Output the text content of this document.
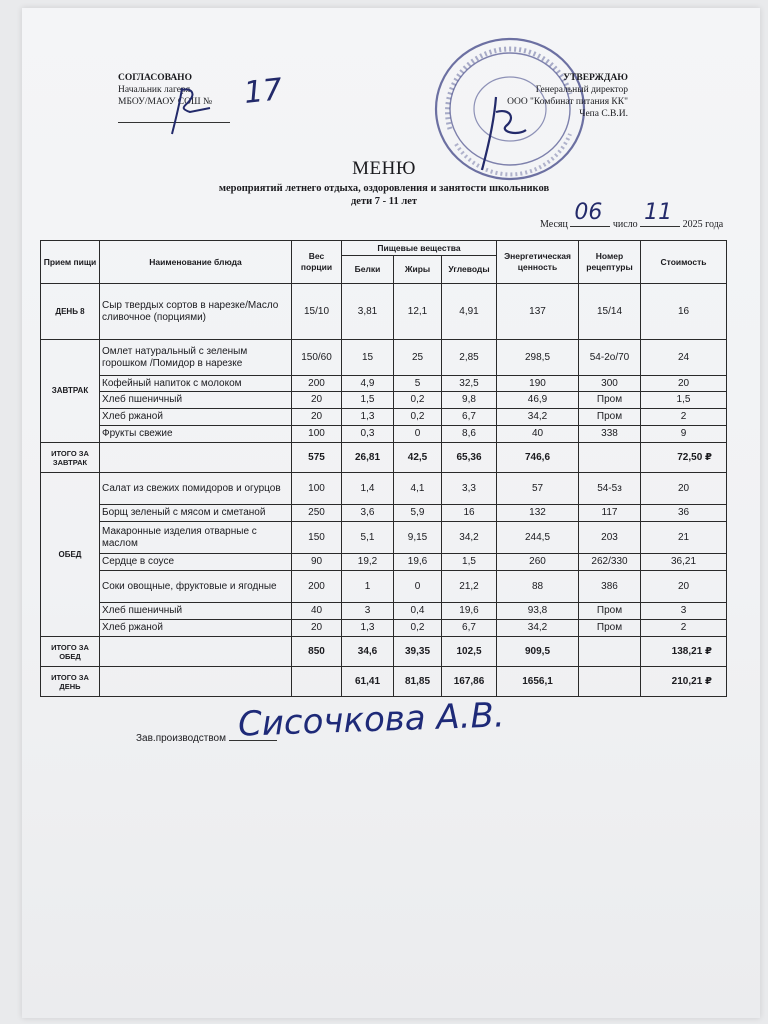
СОГЛАСОВАНО
Начальник лагеря
МБОУ/МАОУ СОШ №	17	УТВЕРЖДАЮ
Генеральный директор
ООО "Комбинат питания КК"
Чепа С.В.И.
МЕНЮ
мероприятий летнего отдыха, оздоровления и занятости школьников
дети 7 - 11 лет
Месяц 06 число 11 2025 года
Прием пищи	Наименование блюда	Вес порции	Пищевые вещества			Энергетическая ценность	Номер рецептуры	Стоимость
			Белки	Жиры	Углеводы			
ДЕНЬ 8	Сыр твердых сортов в нарезке/Масло сливочное (порциями)	15/10	3,81	12,1	4,91	137	15/14	16
ЗАВТРАК	Омлет натуральный с зеленым горошком /Помидор в нарезке	150/60	15	25	2,85	298,5	54-2о/70	24
	Кофейный напиток с молоком	200	4,9	5	32,5	190	300	20
	Хлеб пшеничный	20	1,5	0,2	9,8	46,9	Пром	1,5
	Хлеб ржаной	20	1,3	0,2	6,7	34,2	Пром	2
	Фрукты свежие	100	0,3	0	8,6	40	338	9
ИТОГО ЗА ЗАВТРАК		575	26,81	42,5	65,36	746,6		72,50 ₽
ОБЕД	Салат из свежих помидоров и огурцов	100	1,4	4,1	3,3	57	54-5з	20
	Борщ зеленый с мясом и сметаной	250	3,6	5,9	16	132	117	36
	Макаронные изделия отварные с маслом	150	5,1	9,15	34,2	244,5	203	21
	Сердце в соусе	90	19,2	19,6	1,5	260	262/330	36,21
	Соки овощные, фруктовые и ягодные	200	1	0	21,2	88	386	20
	Хлеб пшеничный	40	3	0,4	19,6	93,8	Пром	3
	Хлеб ржаной	20	1,3	0,2	6,7	34,2	Пром	2
ИТОГО ЗА ОБЕД		850	34,6	39,35	102,5	909,5		138,21 ₽
ИТОГО ЗА ДЕНЬ			61,41	81,85	167,86	1656,1		210,21 ₽
Зав.производством Сисочкова А.В.
